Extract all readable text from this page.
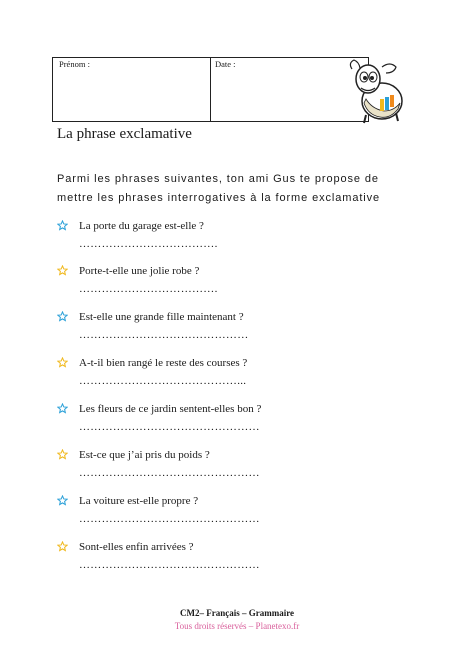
Prénom :	Date :
La phrase exclamative
Parmi les phrases suivantes, ton ami Gus te propose de
mettre les phrases interrogatives à la forme exclamative
La porte du garage est-elle ?
……………………………….
Porte-t-elle une jolie robe ?
……………………………….
Est-elle une grande fille maintenant ?
………………………………………
A-t-il bien rangé le reste des courses ?
……………………………………...
Les fleurs de ce jardin sentent-elles bon ?
…………………………………………
Est-ce que j’ai pris du poids ?
…………………………………………
La voiture est-elle propre ?
…………………………………………
Sont-elles enfin arrivées ?
…………………………………………
CM2– Français – Grammaire
Tous droits réservés – Planetexo.fr
